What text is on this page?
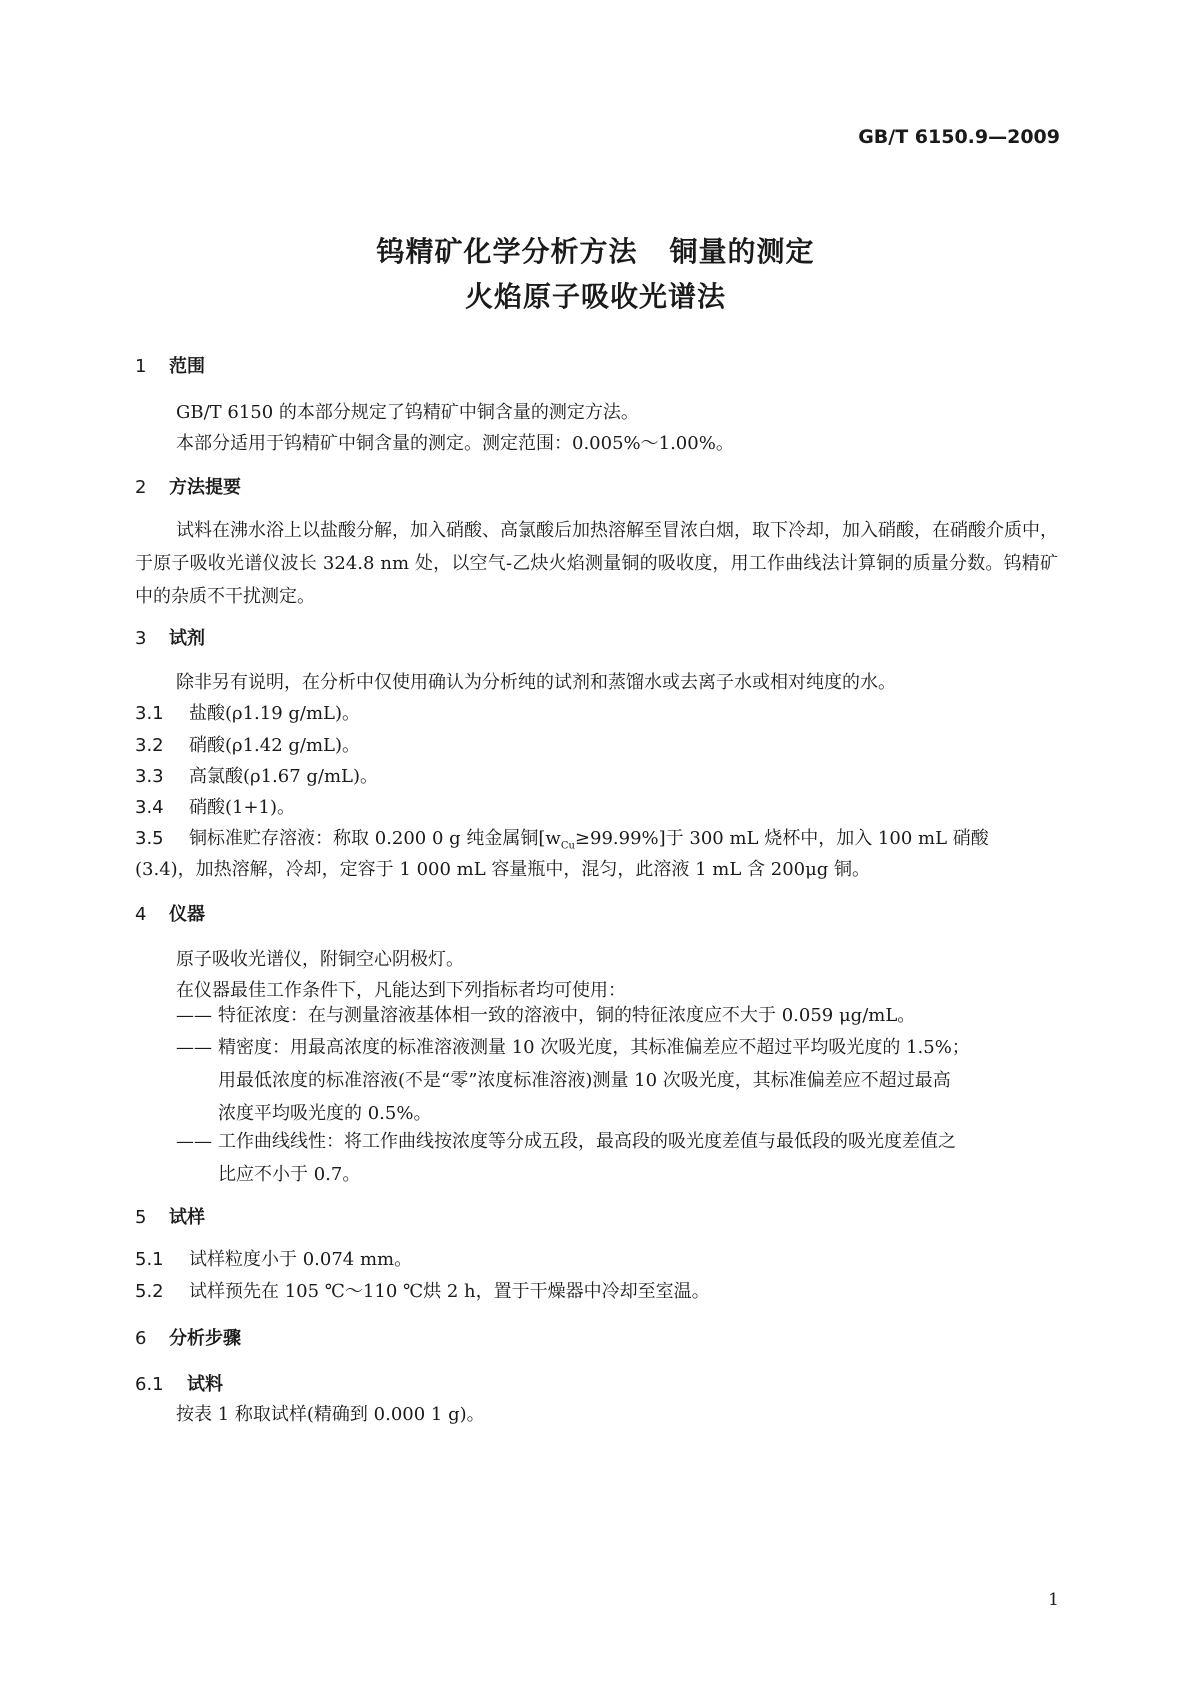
GB/T 6150.9—2009
钨精矿化学分析方法 铜量的测定
火焰原子吸收光谱法
1 范围
GB/T 6150 的本部分规定了钨精矿中铜含量的测定方法。
本部分适用于钨精矿中铜含量的测定。测定范围：0.005%～1.00%。
2 方法提要
试料在沸水浴上以盐酸分解，加入硝酸、高氯酸后加热溶解至冒浓白烟，取下冷却，加入硝酸，在硝酸介质中，于原子吸收光谱仪波长 324.8 nm 处，以空气-乙炔火焰测量铜的吸收度，用工作曲线法计算铜的质量分数。钨精矿中的杂质不干扰测定。
3 试剂
除非另有说明，在分析中仅使用确认为分析纯的试剂和蒸馏水或去离子水或相对纯度的水。
3.1 盐酸(ρ1.19 g/mL)。
3.2 硝酸(ρ1.42 g/mL)。
3.3 高氯酸(ρ1.67 g/mL)。
3.4 硝酸(1+1)。
3.5 铜标准贮存溶液：称取 0.200 0 g 纯金属铜$[w_{Cu}\ge 99.99\%]$于 300 mL 烧杯中，加入 100 mL 硝酸
(3.4)，加热溶解，冷却，定容于 1 000 mL 容量瓶中，混匀，此溶液 1 mL 含 200μg 铜。
4 仪器
原子吸收光谱仪，附铜空心阴极灯。
在仪器最佳工作条件下，凡能达到下列指标者均可使用：
—— 特征浓度：在与测量溶液基体相一致的溶液中，铜的特征浓度应不大于 0.059 μg/mL。
—— 精密度：用最高浓度的标准溶液测量 10 次吸光度，其标准偏差应不超过平均吸光度的 1.5%；
用最低浓度的标准溶液(不是“零”浓度标准溶液)测量 10 次吸光度，其标准偏差应不超过最高
浓度平均吸光度的 0.5%。
—— 工作曲线线性：将工作曲线按浓度等分成五段，最高段的吸光度差值与最低段的吸光度差值之
比应不小于 0.7。
5 试样
5.1 试样粒度小于 0.074 mm。
5.2 试样预先在 105 ℃～110 ℃烘 2 h，置于干燥器中冷却至室温。
6 分析步骤
6.1 试料
按表 1 称取试样(精确到 0.000 1 g)。
1
